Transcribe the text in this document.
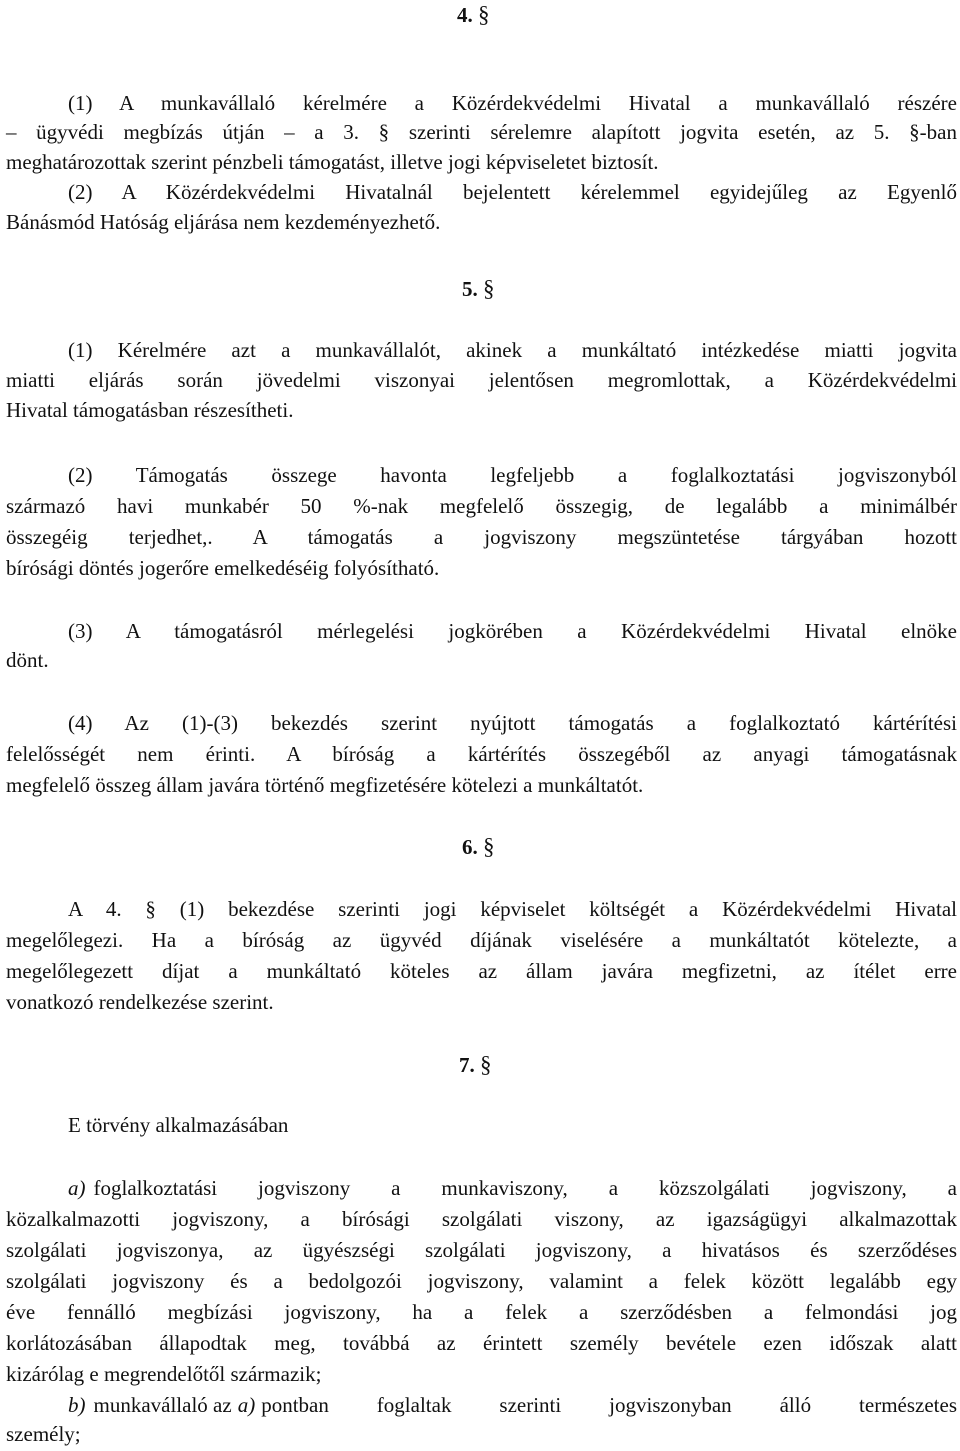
4. §
(1) A munkavállaló kérelmére a Közérdekvédelmi Hivatal a munkavállaló részére
– ügyvédi megbízás útján – a 3. § szerinti sérelemre alapított jogvita esetén, az 5. §-ban
meghatározottak szerint pénzbeli támogatást, illetve jogi képviseletet biztosít.
(2) A Közérdekvédelmi Hivatalnál bejelentett kérelemmel egyidejűleg az Egyenlő
Bánásmód Hatóság eljárása nem kezdeményezhető.
5. §
(1) Kérelmére azt a munkavállalót, akinek a munkáltató intézkedése miatti jogvita
miatti eljárás során jövedelmi viszonyai jelentősen megromlottak, a Közérdekvédelmi
Hivatal támogatásban részesítheti.
(2) Támogatás összege havonta legfeljebb a foglalkoztatási jogviszonyból
származó havi munkabér 50 %-nak megfelelő összegig, de legalább a minimálbér
összegéig terjedhet,. A támogatás a jogviszony megszüntetése tárgyában hozott
bírósági döntés jogerőre emelkedéséig folyósítható.
(3) A támogatásról mérlegelési jogkörében a Közérdekvédelmi Hivatal elnöke
dönt.
(4) Az (1)-(3) bekezdés szerint nyújtott támogatás a foglalkoztató kártérítési
felelősségét nem érinti. A bíróság a kártérítés összegéből az anyagi támogatásnak
megfelelő összeg állam javára történő megfizetésére kötelezi a munkáltatót.
6. §
A 4. § (1) bekezdése szerinti jogi képviselet költségét a Közérdekvédelmi Hivatal
megelőlegezi. Ha a bíróság az ügyvéd díjának viselésére a munkáltatót kötelezte, a
megelőlegezett díjat a munkáltató köteles az állam javára megfizetni, az ítélet erre
vonatkozó rendelkezése szerint.
7. §
E törvény alkalmazásában
a) foglalkoztatási jogviszony a munkaviszony, a közszolgálati jogviszony, a
közalkalmazotti jogviszony, a bírósági szolgálati viszony, az igazságügyi alkalmazottak
szolgálati jogviszonya, az ügyészségi szolgálati jogviszony, a hivatásos és szerződéses
szolgálati jogviszony és a bedolgozói jogviszony, valamint a felek között legalább egy
éve fennálló megbízási jogviszony, ha a felek a szerződésben a felmondási jog
korlátozásában állapodtak meg, továbbá az érintett személy bevétele ezen időszak alatt
kizárólag e megrendelőtől származik;
b) munkavállaló az a) pontban foglaltak szerinti jogviszonyban álló természetes
személy;
